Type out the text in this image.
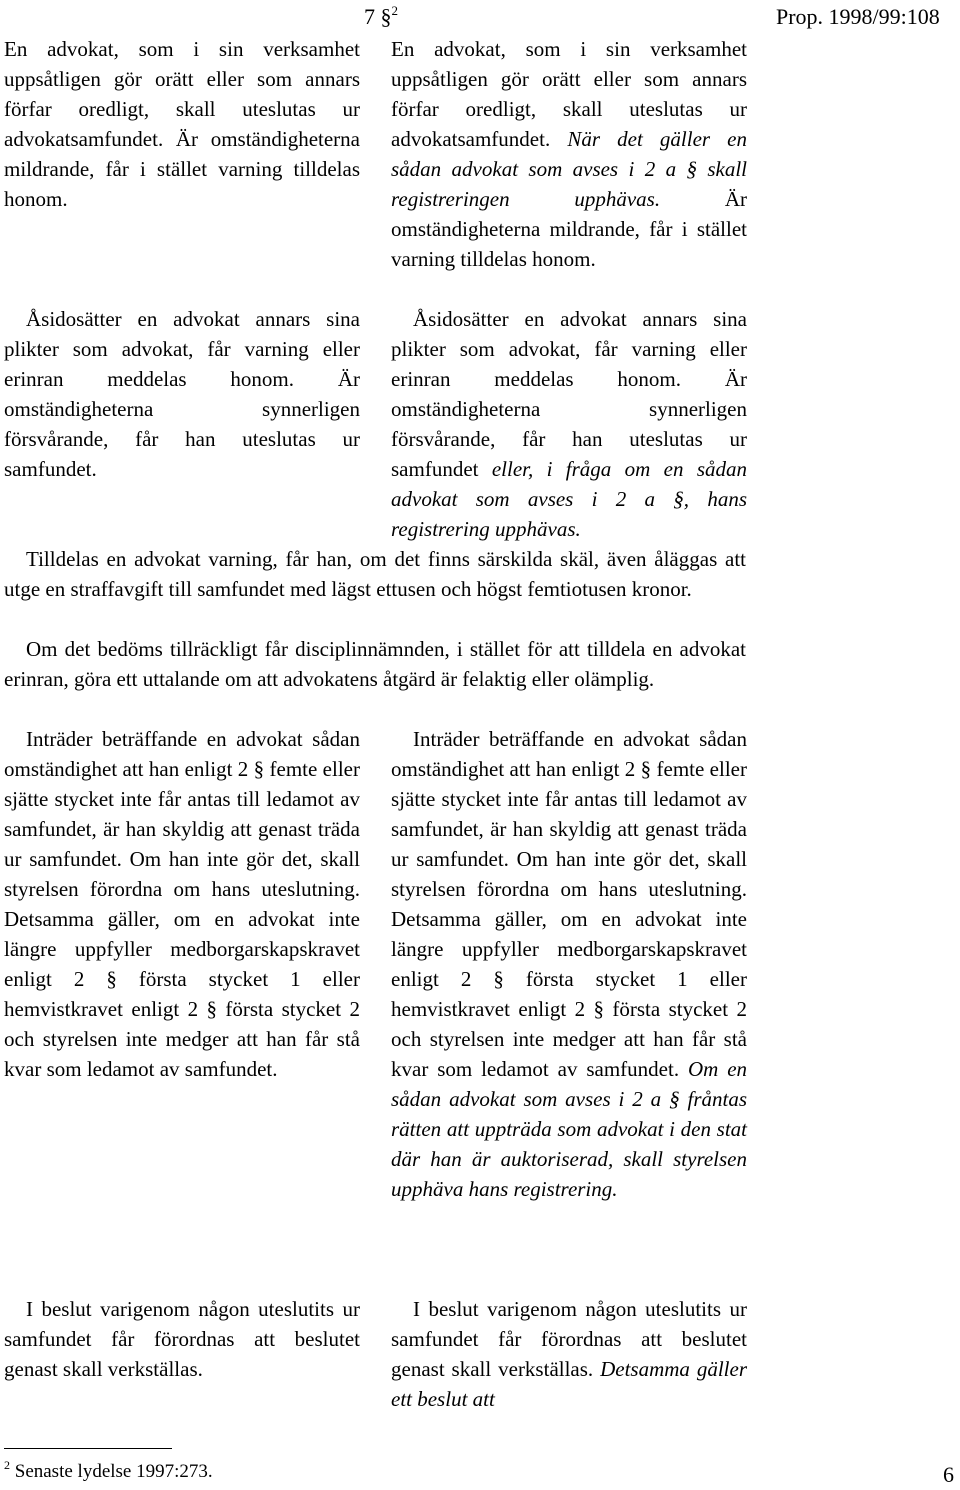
Prop. 1998/99:108
7 §$^2$

En advokat, som i sin verksamhet uppsåtligen gör orätt eller som annars förfar oredligt, skall uteslutas ur advokatsamfundet. Är omständigheterna mildrande, får i stället varning tilldelas honom.

Åsidosätter en advokat annars sina plikter som advokat, får varning eller erinran meddelas honom. Är omständigheterna synnerligen försvårande, får han uteslutas ur samfundet.

En advokat, som i sin verksamhet uppsåtligen gör orätt eller som annars förfar oredligt, skall uteslutas ur advokatsamfundet. När det gäller en sådan advokat som avses i 2 a § skall registreringen upphävas.	Är omständigheterna mildrande, får i stället varning tilldelas honom.

Åsidosätter en advokat annars sina plikter som advokat, får varning eller erinran meddelas honom. Är omständigheterna synnerligen försvårande, får han uteslutas ur samfundet eller, i fråga om en sådan advokat som avses i 2 a §, hans registrering upphävas.

Tilldelas en advokat varning, får han, om det finns särskilda skäl, även åläggas att utge en straffavgift till samfundet med lägst ettusen och högst femtiotusen kronor.

Om det bedöms tillräckligt får disciplinnämnden, i stället för att tilldela en advokat erinran, göra ett uttalande om att advokatens åtgärd är felaktig eller olämplig.

Inträder beträffande en advokat sådan omständighet att han enligt 2 § femte eller sjätte stycket inte får antas till ledamot av samfundet, är han skyldig att genast träda ur samfundet. Om han inte gör det, skall styrelsen förordna om hans uteslutning. Detsamma gäller, om en advokat inte längre uppfyller medborgarskapskravet enligt 2 § första stycket 1 eller hemvistkravet enligt 2 § första stycket 2 och styrelsen inte medger att han får stå kvar som ledamot av samfundet.

I beslut varigenom någon uteslutits ur samfundet får förordnas att beslutet genast skall verkställas.

Inträder beträffande en advokat sådan omständighet att han enligt 2 § femte eller sjätte stycket inte får antas till ledamot av samfundet, är han skyldig att genast träda ur samfundet. Om han inte gör det, skall styrelsen förordna om hans uteslutning. Detsamma gäller, om en advokat inte längre uppfyller medborgarskapskravet enligt 2 § första stycket 1 eller hemvistkravet enligt 2 § första stycket 2 och styrelsen inte medger att han får stå kvar som ledamot av samfundet. Om en sådan advokat som avses i 2 a § fråntas rätten att uppträda som advokat i den stat där han är auktoriserad, skall styrelsen upphäva hans registrering.

I beslut varigenom någon uteslutits ur samfundet får förordnas att beslutet genast skall verkställas. Detsamma gäller ett beslut att

$^2$ Senaste lydelse 1997:273.	6
